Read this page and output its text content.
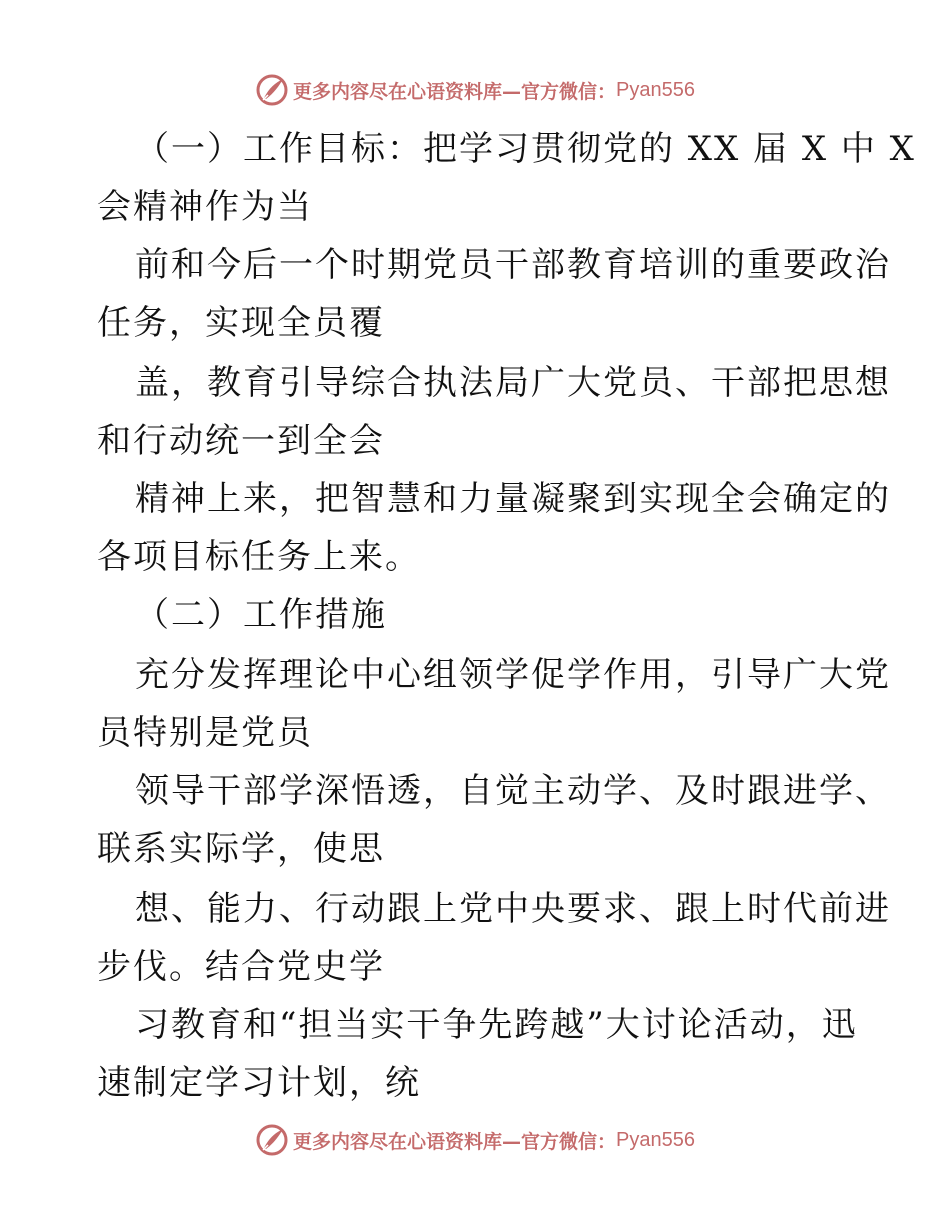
更多内容尽在心语资料库—官方微信： Pyan556
（一）工作目标：把学习贯彻党的 XX 届 X 中 X
会精神作为当
前和今后一个时期党员干部教育培训的重要政治
任务，实现全员覆
盖，教育引导综合执法局广大党员、干部把思想
和行动统一到全会
精神上来，把智慧和力量凝聚到实现全会确定的
各项目标任务上来。
（二）工作措施
充分发挥理论中心组领学促学作用，引导广大党
员特别是党员
领导干部学深悟透，自觉主动学、及时跟进学、
联系实际学，使思
想、能力、行动跟上党中央要求、跟上时代前进
步伐。结合党史学
习教育和“担当实干争先跨越”大讨论活动，迅
速制定学习计划，统
更多内容尽在心语资料库—官方微信： Pyan556
